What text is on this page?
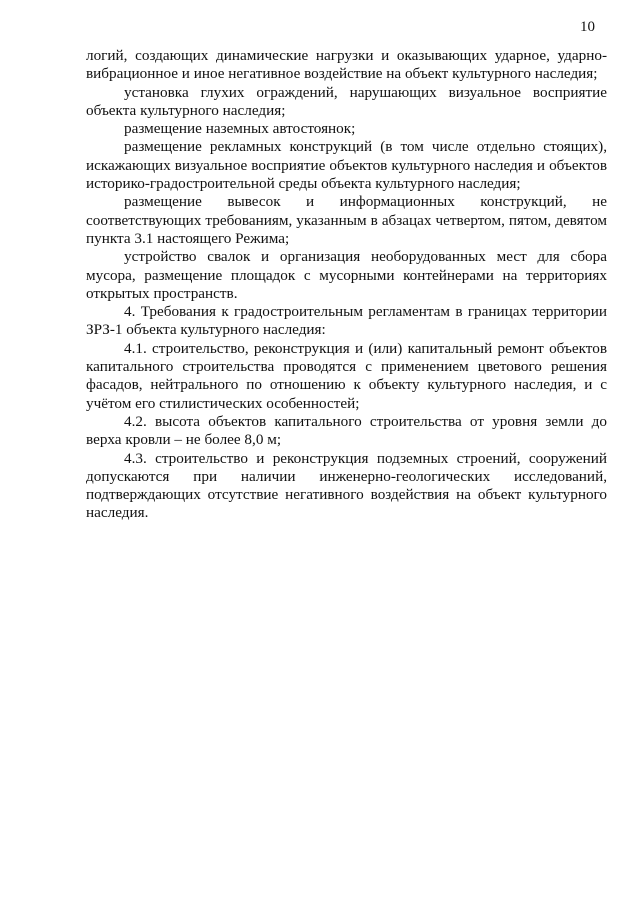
10

логий, создающих динамические нагрузки и оказывающих ударное, ударно-вибрационное и иное негативное воздействие на объект культурного наследия;

установка глухих ограждений, нарушающих визуальное восприятие объекта культурного наследия;

размещение наземных автостоянок;

размещение рекламных конструкций (в том числе отдельно стоящих), искажающих визуальное восприятие объектов культурного наследия и объектов историко-градостроительной среды объекта культурного наследия;

размещение вывесок и информационных конструкций, не соответствующих требованиям, указанным в абзацах четвертом, пятом, девятом пункта 3.1 настоящего Режима;

устройство свалок и организация необорудованных мест для сбора мусора, размещение площадок с мусорными контейнерами на территориях открытых пространств.

4. Требования к градостроительным регламентам в границах территории ЗРЗ-1 объекта культурного наследия:

4.1. строительство, реконструкция и (или) капитальный ремонт объектов капитального строительства проводятся с применением цветового решения фасадов, нейтрального по отношению к объекту культурного наследия, и с учётом его стилистических особенностей;

4.2. высота объектов капитального строительства от уровня земли до верха кровли – не более 8,0 м;

4.3. строительство и реконструкция подземных строений, сооружений допускаются при наличии инженерно-геологических исследований, подтверждающих отсутствие негативного воздействия на объект культурного наследия.
